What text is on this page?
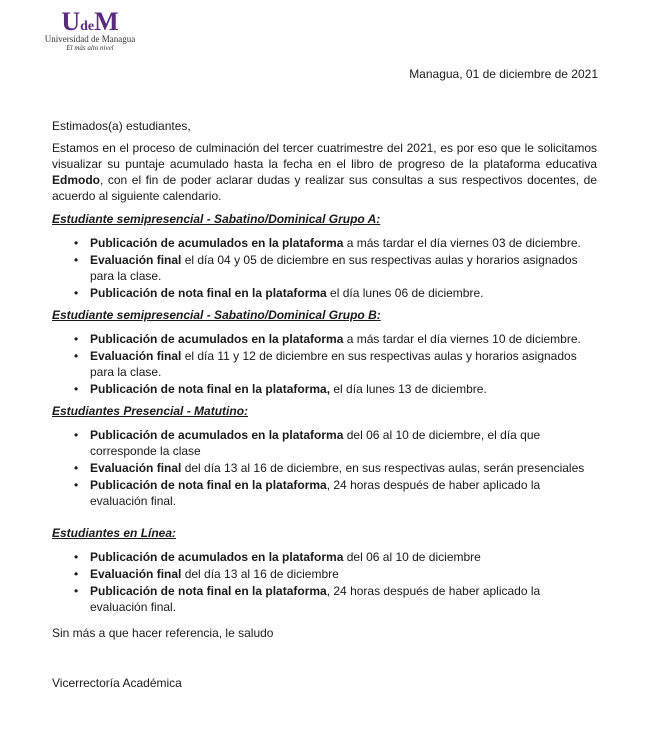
UdeM
Universidad de Managua
El más alto nivel
Managua, 01 de diciembre de 2021

Estimados(a) estudiantes,

Estamos en el proceso de culminación del tercer cuatrimestre del 2021, es por eso que le solicitamos visualizar su puntaje acumulado hasta la fecha en el libro de progreso de la plataforma educativa Edmodo, con el fin de poder aclarar dudas y realizar sus consultas a sus respectivos docentes, de acuerdo al siguiente calendario.

Estudiante semipresencial - Sabatino/Dominical Grupo A:

• Publicación de acumulados en la plataforma a más tardar el día viernes 03 de diciembre.
• Evaluación final el día 04 y 05 de diciembre en sus respectivas aulas y horarios asignados para la clase.
• Publicación de nota final en la plataforma el día lunes 06 de diciembre.

Estudiante semipresencial - Sabatino/Dominical Grupo B:

• Publicación de acumulados en la plataforma a más tardar el día viernes 10 de diciembre.
• Evaluación final el día 11 y 12 de diciembre en sus respectivas aulas y horarios asignados para la clase.
• Publicación de nota final en la plataforma, el día lunes 13 de diciembre.

Estudiantes Presencial - Matutino:

• Publicación de acumulados en la plataforma del 06 al 10 de diciembre, el día que corresponde la clase
• Evaluación final del día 13 al 16 de diciembre, en sus respectivas aulas, serán presenciales
• Publicación de nota final en la plataforma, 24 horas después de haber aplicado la evaluación final.

Estudiantes en Línea:

• Publicación de acumulados en la plataforma del 06 al 10 de diciembre
• Evaluación final del día 13 al 16 de diciembre
• Publicación de nota final en la plataforma, 24 horas después de haber aplicado la evaluación final.

Sin más a que hacer referencia, le saludo

Vicerrectoría Académica
